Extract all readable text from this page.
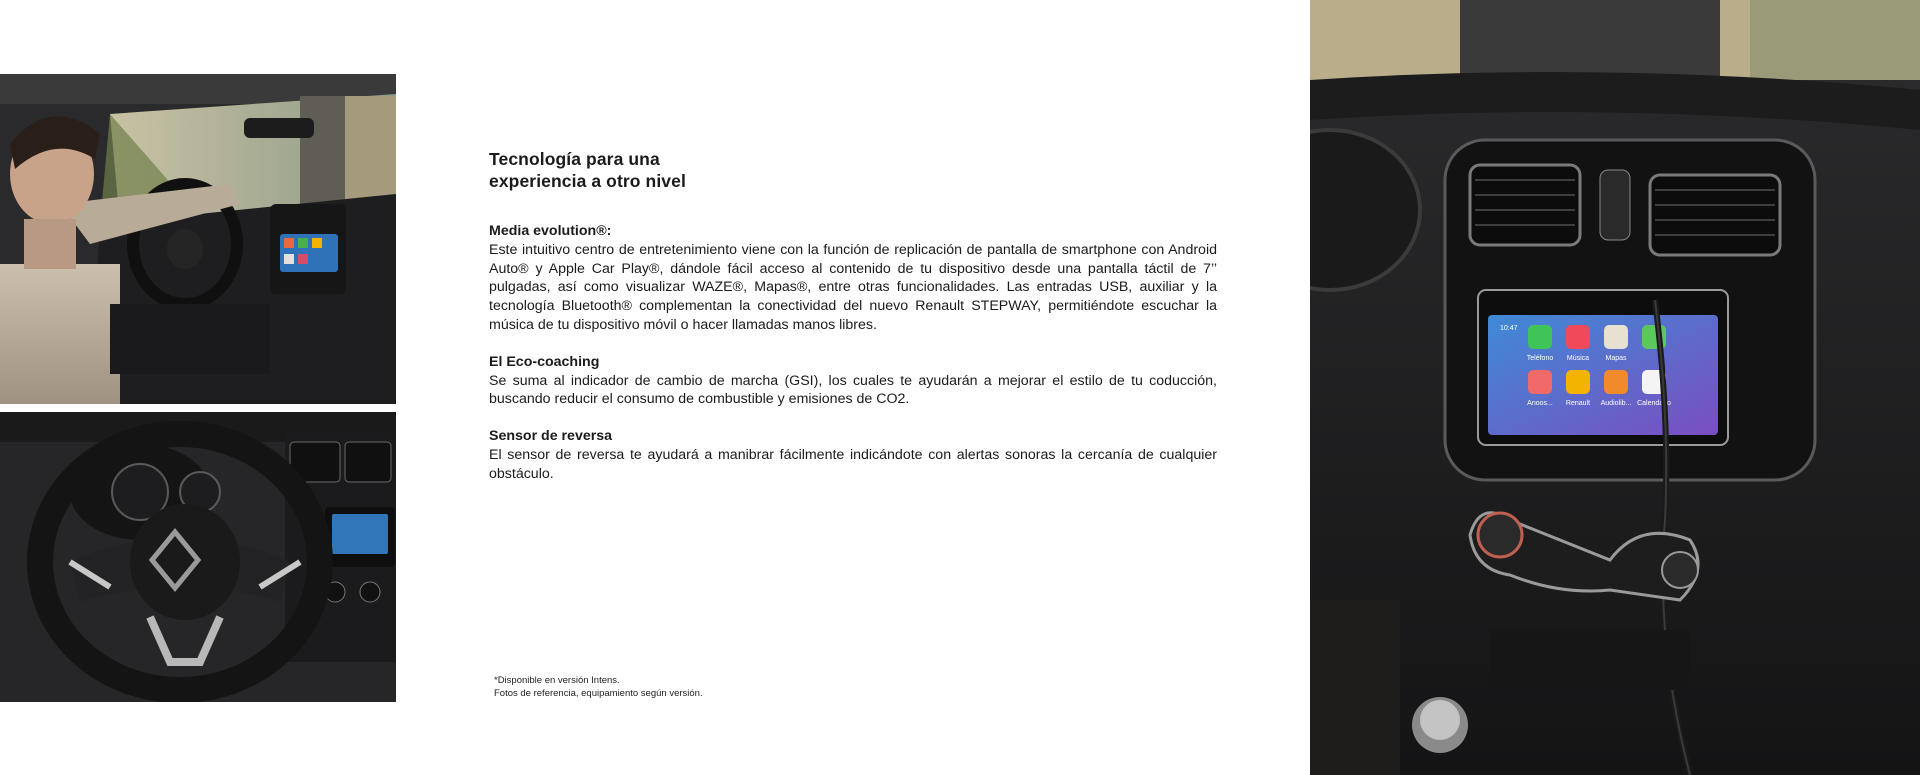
Tecnología para una
experiencia a otro nivel

Media evolution®:

Este intuitivo centro de entretenimiento viene con la función de replicación de pantalla de smartphone con Android Auto® y Apple Car Play®, dándole fácil acceso al contenido de tu dispositivo desde una pantalla táctil de 7’’ pulgadas, así como visualizar WAZE®, Mapas®, entre otras funcionalidades. Las entradas USB, auxiliar y la tecnología Bluetooth® complementan la conectividad del nuevo Renault STEPWAY, permitiéndote escuchar la música de tu dispositivo móvil o hacer llamadas manos libres.

El Eco-coaching

Se suma al indicador de cambio de marcha (GSI), los cuales te ayudarán a mejorar el estilo de tu coducción, buscando reducir el consumo de combustible y emisiones de CO2.

Sensor de reversa

El sensor de reversa te ayudará a manibrar fácilmente indicándote con alertas sonoras la cercanía de cualquier obstáculo.

*Disponible en versión Intens.
Fotos de referencia, equipamiento según versión.
10:47
Teléfono Música Mapas
Anoos... Renault Audiolib... Calendario
